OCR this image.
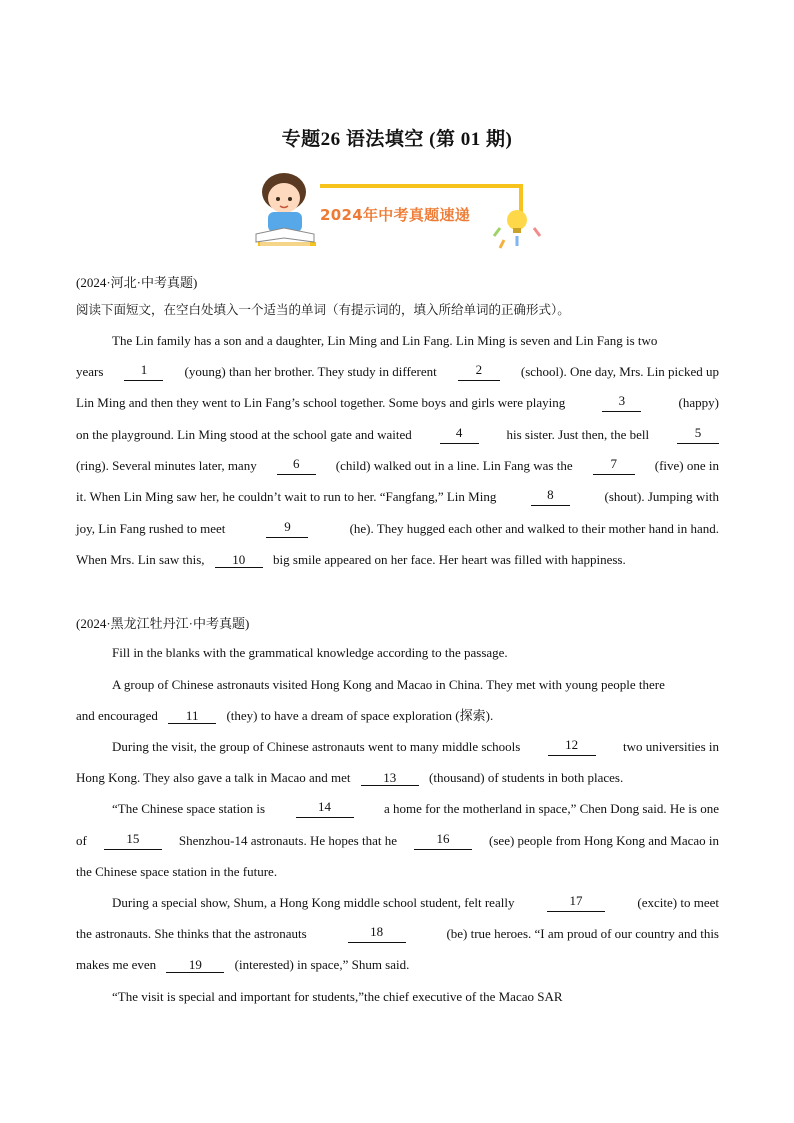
专题26 语法填空 (第 01 期)
2024年中考真题速递
(2024·河北·中考真题)
阅读下面短文，在空白处填入一个适当的单词（有提示词的，填入所给单词的正确形式）。
The Lin family has a son and a daughter, Lin Ming and Lin Fang. Lin Ming is seven and Lin Fang is two
years	1	(young) than her brother. They study in different	2	(school). One day, Mrs. Lin picked up
Lin Ming and then they went to Lin Fang’s school together. Some boys and girls were playing	3	(happy)
on the playground. Lin Ming stood at the school gate and waited	4	his sister. Just then, the bell	5
(ring). Several minutes later, many	6	(child) walked out in a line. Lin Fang was the	7	(five) one in
it. When Lin Ming saw her, he couldn’t wait to run to her. “Fangfang,” Lin Ming	8	(shout). Jumping with
joy, Lin Fang rushed to meet	9	(he). They hugged each other and walked to their mother hand in hand.
When Mrs. Lin saw this, 10 big smile appeared on her face. Her heart was filled with happiness.
(2024·黑龙江牡丹江·中考真题)
Fill in the blanks with the grammatical knowledge according to the passage.
A group of Chinese astronauts visited Hong Kong and Macao in China. They met with young people there
and encouraged 11 (they) to have a dream of space exploration (探索).
During the visit, the group of Chinese astronauts went to many middle schools	12	two universities in
Hong Kong. They also gave a talk in Macao and met	13	(thousand) of students in both places.
“The Chinese space station is	14	a home for the motherland in space,” Chen Dong said. He is one
of	15	Shenzhou-14 astronauts. He hopes that he	16	(see) people from Hong Kong and Macao in
the Chinese space station in the future.
During a special show, Shum, a Hong Kong middle school student, felt really	17	(excite) to meet
the astronauts. She thinks that the astronauts	18	(be) true heroes. “I am proud of our country and this
makes me even	19	(interested) in space,” Shum said.
“The visit is special and important for students,”the chief executive of the Macao SAR
